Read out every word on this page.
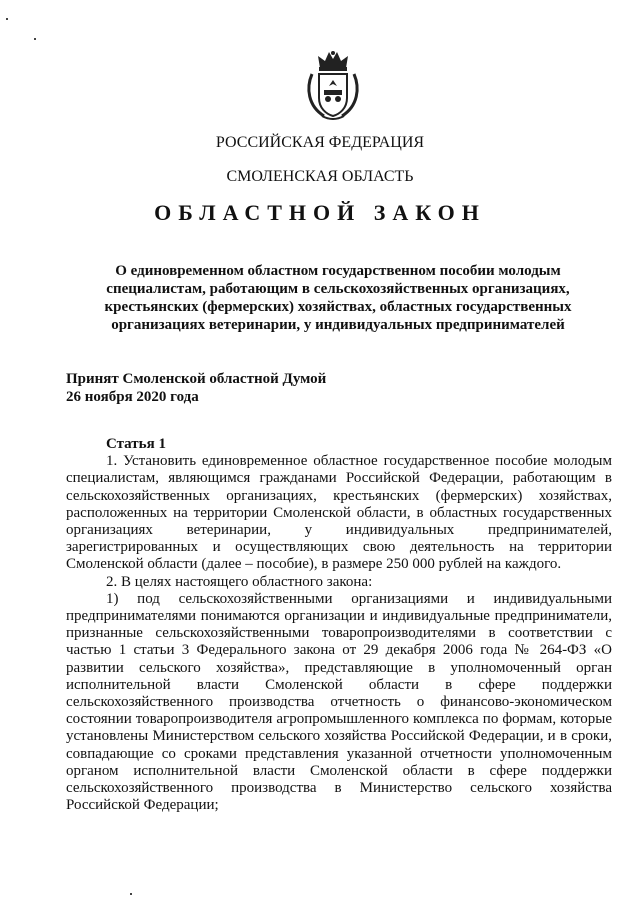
РОССИЙСКАЯ ФЕДЕРАЦИЯ
СМОЛЕНСКАЯ ОБЛАСТЬ
ОБЛАСТНОЙ ЗАКОН
О единовременном областном государственном пособии молодым специалистам, работающим в сельскохозяйственных организациях, крестьянских (фермерских) хозяйствах, областных государственных организациях ветеринарии, у индивидуальных предпринимателей
Принят Смоленской областной Думой
26 ноября 2020 года

Статья 1

1. Установить единовременное областное государственное пособие молодым специалистам, являющимся гражданами Российской Федерации, работающим в сельскохозяйственных организациях, крестьянских (фермерских) хозяйствах, расположенных на территории Смоленской области, в областных государственных организациях ветеринарии, у индивидуальных предпринимателей, зарегистрированных и осуществляющих свою деятельность на территории Смоленской области (далее – пособие), в размере 250 000 рублей на каждого.

2. В целях настоящего областного закона:

1) под сельскохозяйственными организациями и индивидуальными предпринимателями понимаются организации и индивидуальные предприниматели, признанные сельскохозяйственными товаропроизводителями в соответствии с частью 1 статьи 3 Федерального закона от 29 декабря 2006 года № 264-ФЗ «О развитии сельского хозяйства», представляющие в уполномоченный орган исполнительной власти Смоленской области в сфере поддержки сельскохозяйственного производства отчетность о финансово-экономическом состоянии товаропроизводителя агропромышленного комплекса по формам, которые установлены Министерством сельского хозяйства Российской Федерации, и в сроки, совпадающие со сроками представления указанной отчетности уполномоченным органом исполнительной власти Смоленской области в сфере поддержки сельскохозяйственного производства в Министерство сельского хозяйства Российской Федерации;
